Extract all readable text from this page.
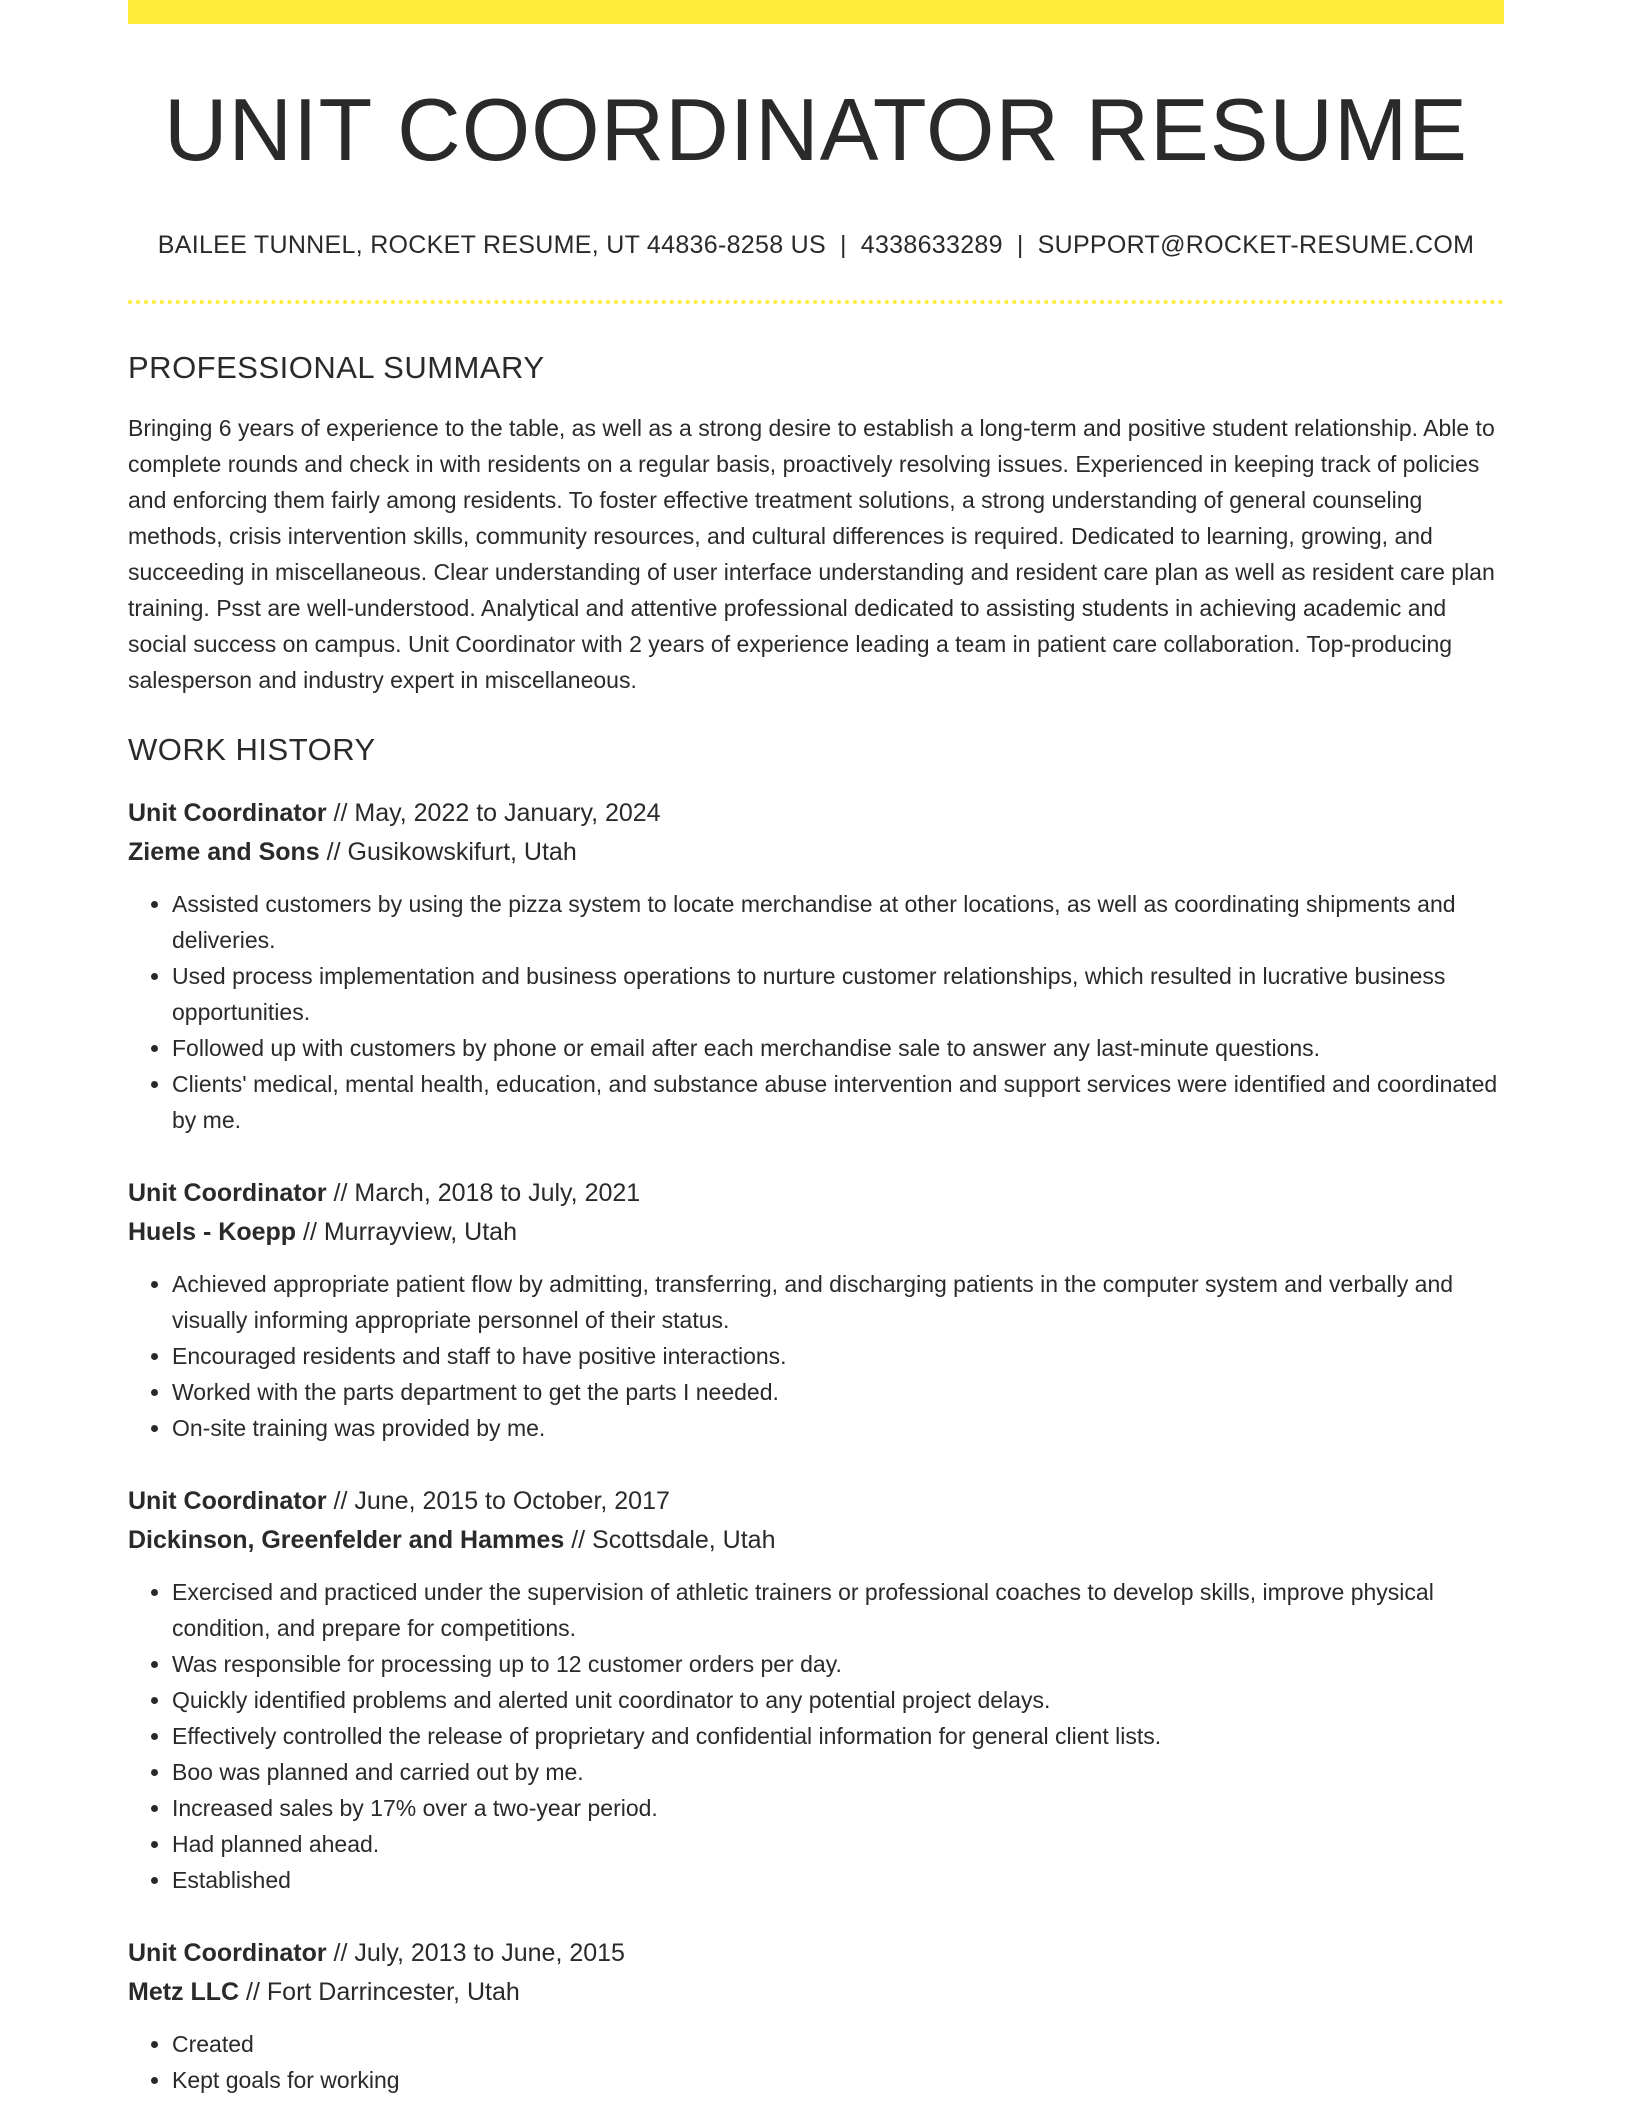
UNIT COORDINATOR RESUME
BAILEE TUNNEL, ROCKET RESUME, UT 44836-8258 US | 4338633289 | SUPPORT@ROCKET-RESUME.COM
PROFESSIONAL SUMMARY
Bringing 6 years of experience to the table, as well as a strong desire to establish a long-term and positive student relationship. Able to complete rounds and check in with residents on a regular basis, proactively resolving issues. Experienced in keeping track of policies and enforcing them fairly among residents. To foster effective treatment solutions, a strong understanding of general counseling methods, crisis intervention skills, community resources, and cultural differences is required. Dedicated to learning, growing, and succeeding in miscellaneous. Clear understanding of user interface understanding and resident care plan as well as resident care plan training. Psst are well-understood. Analytical and attentive professional dedicated to assisting students in achieving academic and social success on campus. Unit Coordinator with 2 years of experience leading a team in patient care collaboration. Top-producing salesperson and industry expert in miscellaneous.
WORK HISTORY
Unit Coordinator // May, 2022 to January, 2024
Zieme and Sons // Gusikowskifurt, Utah
• Assisted customers by using the pizza system to locate merchandise at other locations, as well as coordinating shipments and deliveries.
• Used process implementation and business operations to nurture customer relationships, which resulted in lucrative business opportunities.
• Followed up with customers by phone or email after each merchandise sale to answer any last-minute questions.
• Clients' medical, mental health, education, and substance abuse intervention and support services were identified and coordinated by me.
Unit Coordinator // March, 2018 to July, 2021
Huels - Koepp // Murrayview, Utah
• Achieved appropriate patient flow by admitting, transferring, and discharging patients in the computer system and verbally and visually informing appropriate personnel of their status.
• Encouraged residents and staff to have positive interactions.
• Worked with the parts department to get the parts I needed.
• On-site training was provided by me.
Unit Coordinator // June, 2015 to October, 2017
Dickinson, Greenfelder and Hammes // Scottsdale, Utah
• Exercised and practiced under the supervision of athletic trainers or professional coaches to develop skills, improve physical condition, and prepare for competitions.
• Was responsible for processing up to 12 customer orders per day.
• Quickly identified problems and alerted unit coordinator to any potential project delays.
• Effectively controlled the release of proprietary and confidential information for general client lists.
• Boo was planned and carried out by me.
• Increased sales by 17% over a two-year period.
• Had planned ahead.
• Established
Unit Coordinator // July, 2013 to June, 2015
Metz LLC // Fort Darrincester, Utah
• Created
• Kept goals for working
